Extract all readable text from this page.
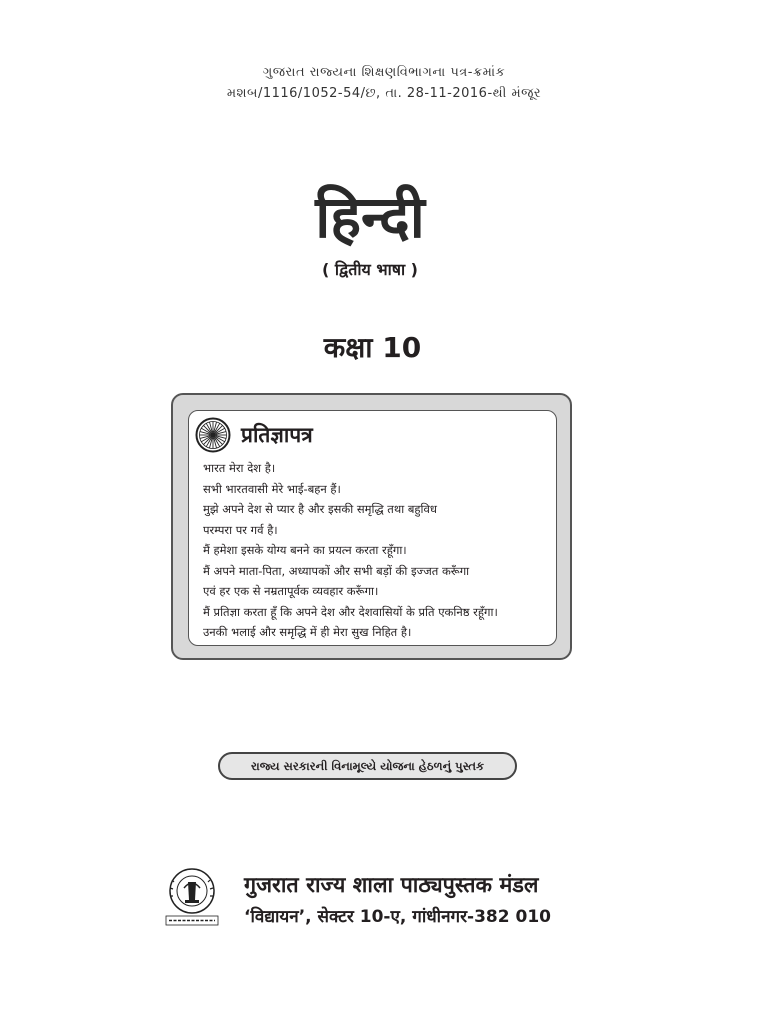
ગુજરાત રાજ્યના શિક્ષણવિભાગના પત્ર-ક્રમાંક
મશબ/1116/1052-54/છ, તા. 28-11-2016-થી મંજૂર
हिन्दी
( द्वितीय भाषा )
कक्षा 10
प्रतिज्ञापत्र
भारत मेरा देश है।
सभी भारतवासी मेरे भाई-बहन हैं।
मुझे अपने देश से प्यार है और इसकी समृद्धि तथा बहुविध
परम्परा पर गर्व है।
मैं हमेशा इसके योग्य बनने का प्रयत्न करता रहूँगा।
मैं अपने माता-पिता, अध्यापकों और सभी बड़ों की इज्जत करूँगा
एवं हर एक से नम्रतापूर्वक व्यवहार करूँगा।
मैं प्रतिज्ञा करता हूँ कि अपने देश और देशवासियों के प्रति एकनिष्ठ रहूँगा।
उनकी भलाई और समृद्धि में ही मेरा सुख निहित है।
રાજ્ય સરકારની વિનામૂલ્યે યોજના હેઠળનું પુસ્તક
गुजरात राज्य शाला पाठ्यपुस्तक मंडल
‘विद्यायन’, सेक्टर 10-ए, गांधीनगर-382 010
